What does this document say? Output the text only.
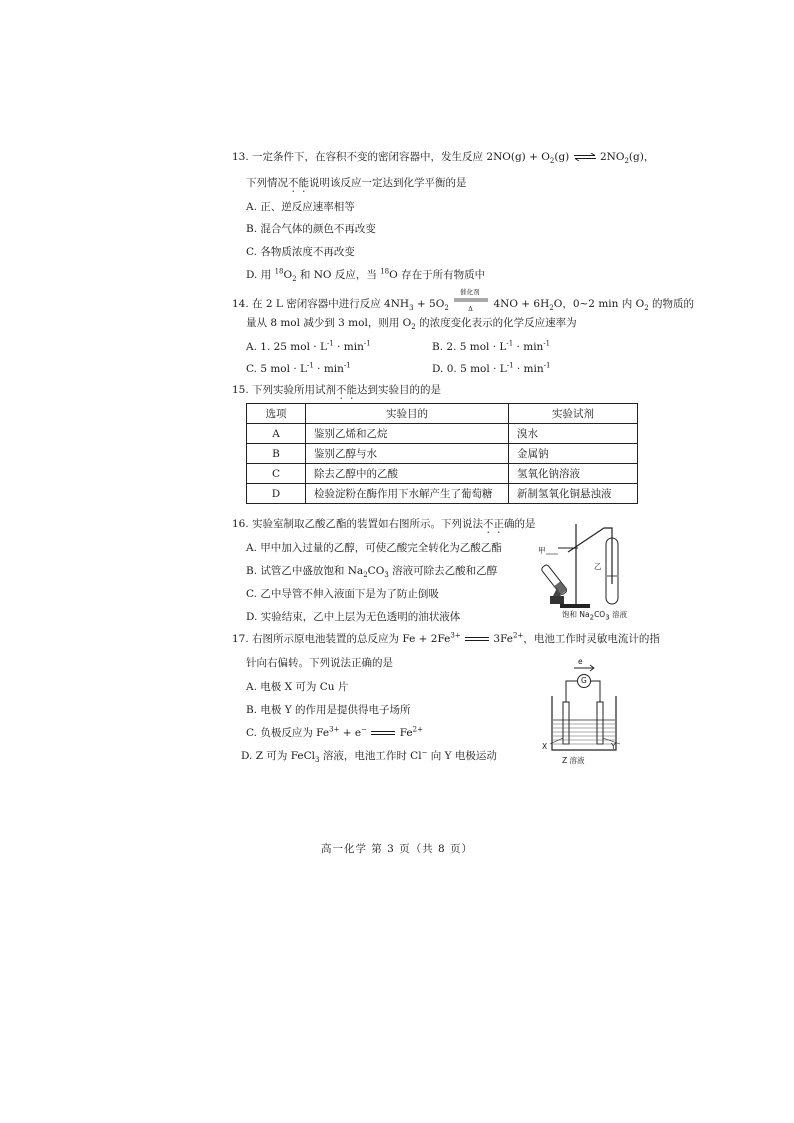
13. 一定条件下，在容积不变的密闭容器中，发生反应 $2NO(g) + O_2(g)$ ⇌ $2NO_2(g)$，
下列情况不能说明该反应一定达到化学平衡的是
A. 正、逆反应速率相等
B. 混合气体的颜色不再改变
C. 各物质浓度不再改变
D. 用 $^{18}O_2$ 和 NO 反应，当 $^{18}$O 存在于所有物质中
14. 在 2 L 密闭容器中进行反应 $4NH_3 + 5O_2$
催化剂
Δ $4NO + 6H_2O$，0~2 min 内 $O_2$ 的物质的
量从 8 mol 减少到 3 mol，则用 $O_2$ 的浓度变化表示的化学反应速率为
A. 1. 25 mol · $L^{-1} \cdot \min^{-1}$	B. 2. 5 mol · $L^{-1} \cdot \min^{-1}$
C. 5 mol · $L^{-1} \cdot \min^{-1}$	D. 0. 5 mol · $L^{-1} \cdot \min^{-1}$
15. 下列实验所用试剂不能达到实验目的的是
选项	实验目的	实验试剂
A	鉴别乙烯和乙烷	溴水
B	鉴别乙醇与水	金属钠
C	除去乙醇中的乙酸	氢氧化钠溶液
D	检验淀粉在酶作用下水解产生了葡萄糖	新制氢氧化铜悬浊液
16. 实验室制取乙酸乙酯的装置如右图所示。下列说法不正确的是
A. 甲中加入过量的乙醇，可使乙酸完全转化为乙酸乙酯
B. 试管乙中盛放饱和 $Na_2CO_3$ 溶液可除去乙酸和乙醇
C. 乙中导管不伸入液面下是为了防止倒吸
D. 实验结束，乙中上层为无色透明的油状液体
甲
乙
饱和 $Na_2CO_3$ 溶液
17. 右图所示原电池装置的总反应为 $Fe + 2Fe^{3+}$	$3Fe^{2+}$，电池工作时灵敏电流计的指
针向右偏转。下列说法正确的是
A. 电极 X 可为 Cu 片
B. 电极 Y 的作用是提供得电子场所
C. 负极反应为 $Fe^{3+} + e^-$	$Fe^{2+}$
D. Z 可为 FeCl$_3$ 溶液，电池工作时 Cl− 向 Y 电极运动
e
G
X	Y
Z 溶液
高一化学 第 3 页（共 8 页）
